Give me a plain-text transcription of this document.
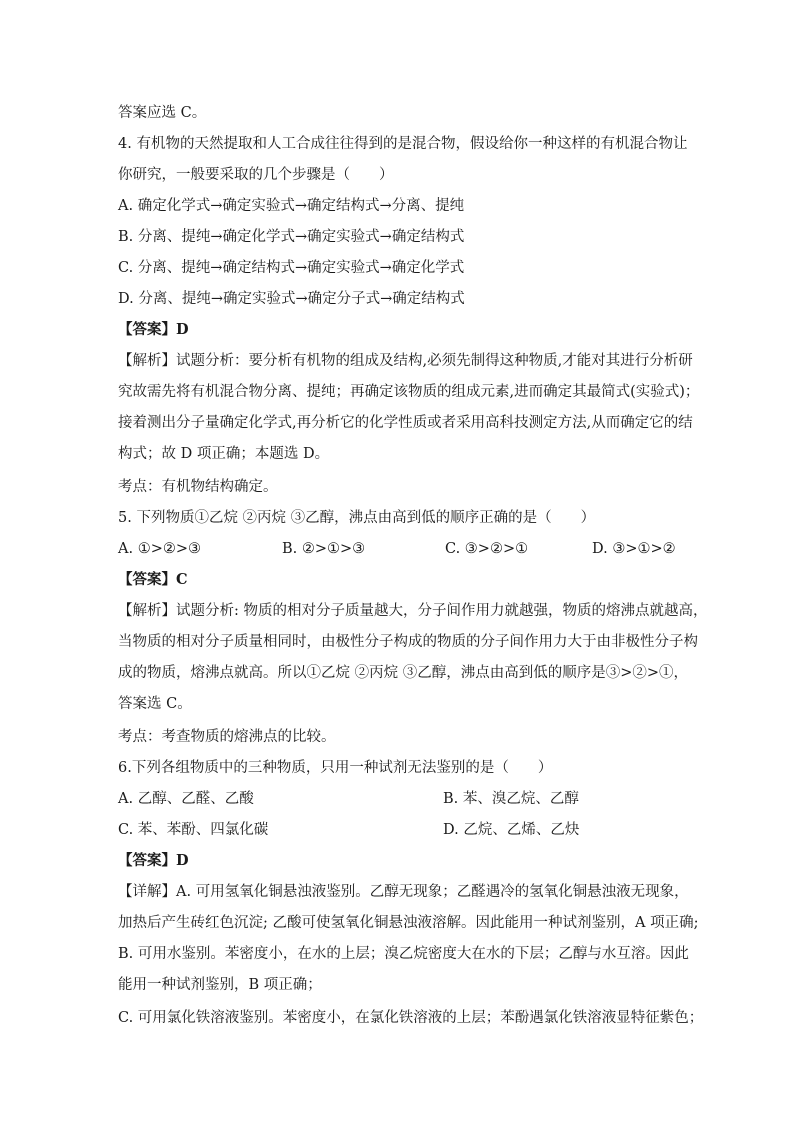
答案应选 C。
4. 有机物的天然提取和人工合成往往得到的是混合物，假设给你一种这样的有机混合物让
你研究，一般要采取的几个步骤是（　　）
A. 确定化学式→确定实验式→确定结构式→分离、提纯
B. 分离、提纯→确定化学式→确定实验式→确定结构式
C. 分离、提纯→确定结构式→确定实验式→确定化学式
D. 分离、提纯→确定实验式→确定分子式→确定结构式
【答案】D
【解析】试题分析：要分析有机物的组成及结构,必须先制得这种物质,才能对其进行分析研
究故需先将有机混合物分离、提纯；再确定该物质的组成元素,进而确定其最简式(实验式)；
接着测出分子量确定化学式,再分析它的化学性质或者采用高科技测定方法,从而确定它的结
构式；故 D 项正确；本题选 D。
考点：有机物结构确定。
5. 下列物质①乙烷 ②丙烷 ③乙醇，沸点由高到低的顺序正确的是（　　）
A. ①>②>③	B. ②>①>③	C. ③>②>①	D. ③>①>②
【答案】C
【解析】试题分析: 物质的相对分子质量越大，分子间作用力就越强，物质的熔沸点就越高，
当物质的相对分子质量相同时，由极性分子构成的物质的分子间作用力大于由非极性分子构
成的物质，熔沸点就高。所以①乙烷 ②丙烷 ③乙醇，沸点由高到低的顺序是③>②>①，
答案选 C。
考点：考查物质的熔沸点的比较。
6.下列各组物质中的三种物质，只用一种试剂无法鉴别的是（　　）
A. 乙醇、乙醛、乙酸	B. 苯、溴乙烷、乙醇
C. 苯、苯酚、四氯化碳	D. 乙烷、乙烯、乙炔
【答案】D
【详解】A. 可用氢氧化铜悬浊液鉴别。乙醇无现象；乙醛遇冷的氢氧化铜悬浊液无现象，
加热后产生砖红色沉淀; 乙酸可使氢氧化铜悬浊液溶解。因此能用一种试剂鉴别，A 项正确;
B. 可用水鉴别。苯密度小，在水的上层；溴乙烷密度大在水的下层；乙醇与水互溶。因此
能用一种试剂鉴别，B 项正确；
C. 可用氯化铁溶液鉴别。苯密度小，在氯化铁溶液的上层；苯酚遇氯化铁溶液显特征紫色；
